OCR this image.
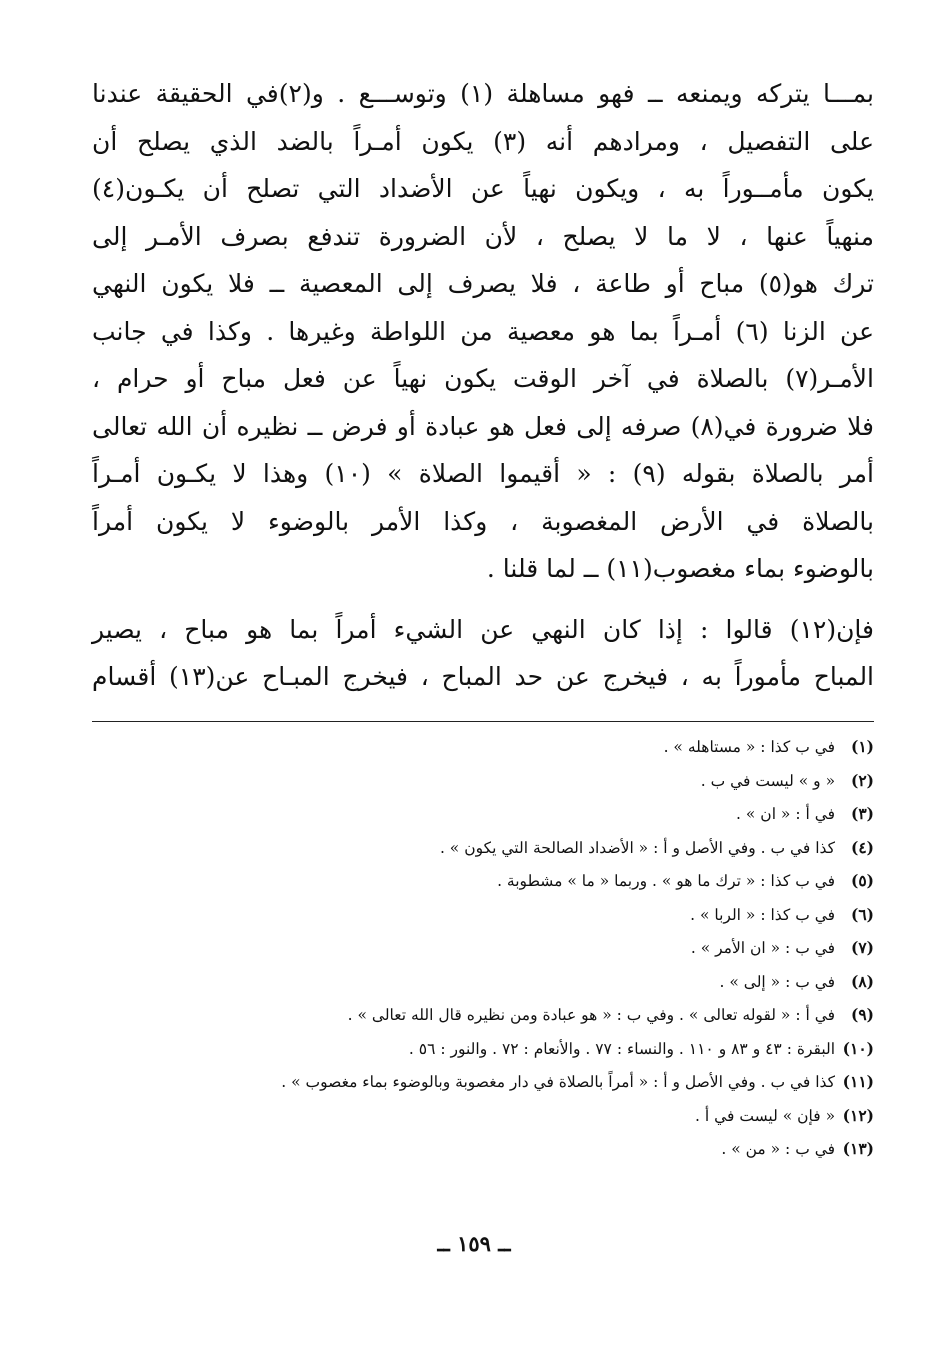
بمـــا يتركه ويمنعه ــ فهو مساهلة (١) وتوســـع . و(٢)في الحقيقة عندنا
على التفصيل ، ومرادهم أنه (٣) يكون أمـراً بالضد الذي يصلح أن
يكون مأمــوراً به ، ويكون نهياً عن الأضداد التي تصلح أن يكـون(٤)
منهياً عنها ، لا ما لا يصلح ، لأن الضرورة تندفع بصرف الأمـر إلى
ترك هو(٥) مباح أو طاعة ، فلا يصرف إلى المعصية ــ فلا يكون النهي
عن الزنا (٦) أمـراً بما هو معصية من اللواطة وغيرها . وكذا في جانب
الأمـر(٧) بالصلاة في آخر الوقت يكون نهياً عن فعل مباح أو حرام ،
فلا ضرورة في(٨) صرفه إلى فعل هو عبادة أو فرض ــ نظيره أن الله تعالى
أمر بالصلاة بقوله (٩) : « أقيموا الصلاة » (١٠) وهذا لا يكـون أمـراً
بالصلاة في الأرض المغصوبة ، وكذا الأمر بالوضوء لا يكون أمراً
بالوضوء بماء مغصوب(١١) ــ لما قلنا .
فإن(١٢) قالوا : إذا كان النهي عن الشيء أمراً بما هو مباح ، يصير
المباح مأموراً به ، فيخرج عن حد المباح ، فيخرج المبـاح عن(١٣) أقسام
(١) في ب كذا : « مستاهله » .
(٢) « و » ليست في ب .
(٣) في أ : « ان » .
(٤) كذا في ب . وفي الأصل و أ : « الأضداد الصالحة التي يكون » .
(٥) في ب كذا : « ترك ما هو » . وربما « ما » مشطوبة .
(٦) في ب كذا : « الربا » .
(٧) في ب : « ان الأمر » .
(٨) في ب : « إلى » .
(٩) في أ : « لقوله تعالى » . وفي ب : « هو عبادة ومن نظيره قال الله تعالى » .
(١٠) البقرة : ٤٣ و ٨٣ و ١١٠ . والنساء : ٧٧ . والأنعام : ٧٢ . والنور : ٥٦ .
(١١) كذا في ب . وفي الأصل و أ : « أمراً بالصلاة في دار مغصوبة وبالوضوء بماء مغصوب » .
(١٢) « فإن » ليست في أ .
(١٣) في ب : « من » .
ــ ١٥٩ ــ
